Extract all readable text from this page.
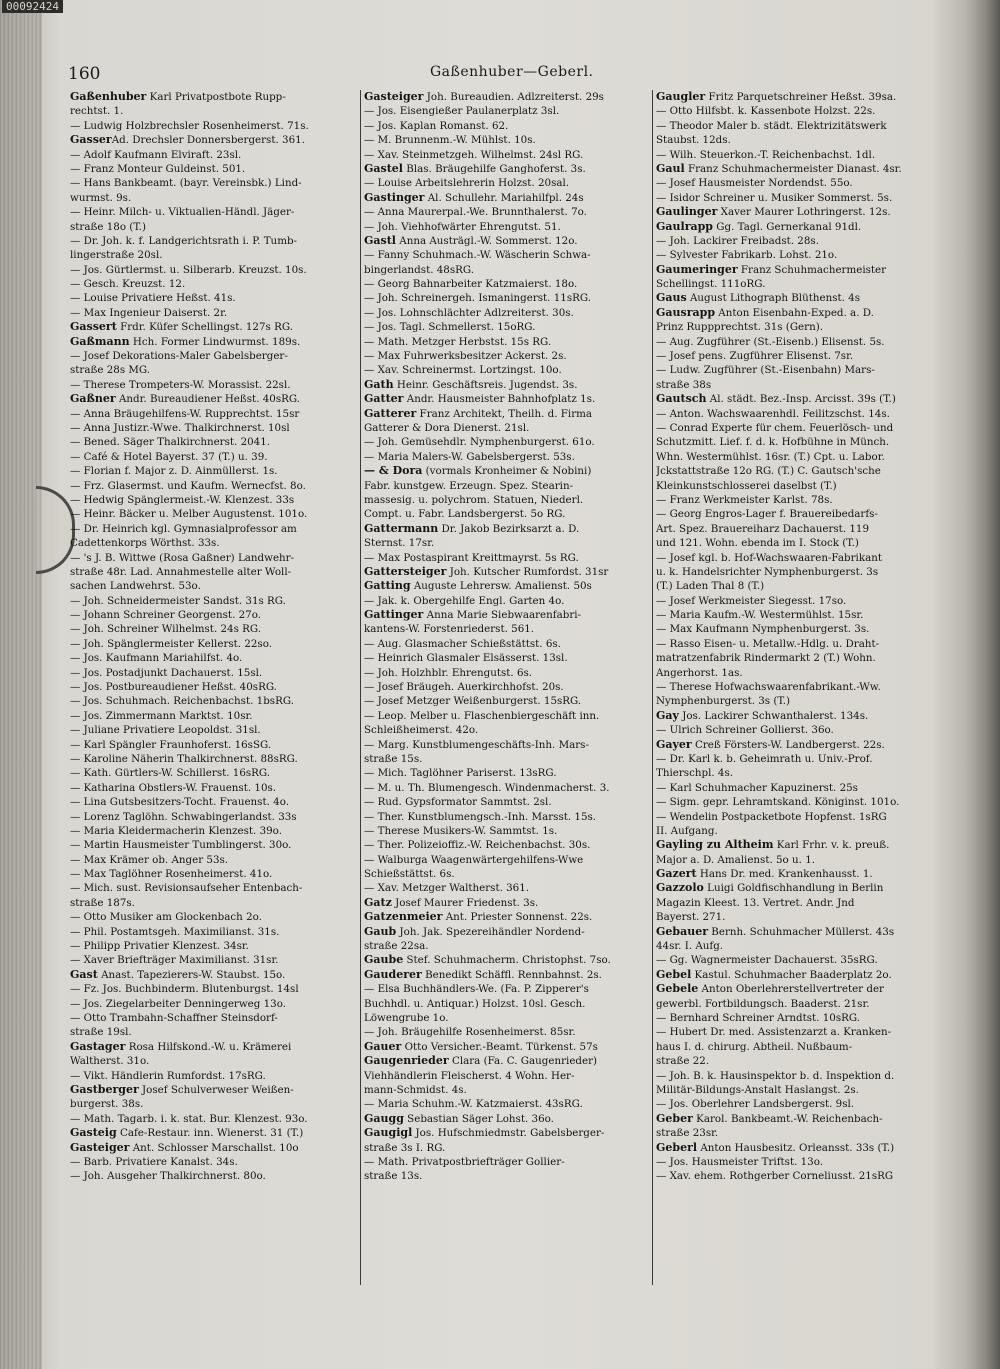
00092424
160	Gaßenhuber—Geberl.
Gaßenhuber Karl Privatpostbote Rupp-
rechtst. 1.
— Ludwig Holzbrechsler Rosenheimerst. 71s.
GasserAd. Drechsler Donnersbergerst. 361.
— Adolf Kaufmann Elviraft. 23sl.
— Franz Monteur Guldeinst. 501.
— Hans Bankbeamt. (bayr. Vereinsbk.) Lind-
wurmst. 9s.
— Heinr. Milch- u. Viktualien-Händl. Jäger-
straße 18o (T.)
— Dr. Joh. k. f. Landgerichtsrath i. P. Tumb-
lingerstraße 20sl.
— Jos. Gürtlermst. u. Silberarb. Kreuzst. 10s.
— Gesch. Kreuzst. 12.
— Louise Privatiere Heßst. 41s.
— Max Ingenieur Daiserst. 2r.
Gassert Frdr. Küfer Schellingst. 127s RG.
Gaßmann Hch. Former Lindwurmst. 189s.
— Josef Dekorations-Maler Gabelsberger-
straße 28s MG.
— Therese Trompeters-W. Morassist. 22sl.
Gaßner Andr. Bureaudiener Heßst. 40sRG.
— Anna Bräugehilfens-W. Rupprechtst. 15sr
— Anna Justizr.-Wwe. Thalkirchnerst. 10sl
— Bened. Säger Thalkirchnerst. 2041.
— Café & Hotel Bayerst. 37 (T.) u. 39.
— Florian f. Major z. D. Ainmüllerst. 1s.
— Frz. Glasermst. und Kaufm. Wernecfst. 8o.
— Hedwig Spänglermeist.-W. Klenzest. 33s
— Heinr. Bäcker u. Melber Augustenst. 101o.
— Dr. Heinrich kgl. Gymnasialprofessor am
Cadettenkorps Wörthst. 33s.
— 's J. B. Wittwe (Rosa Gaßner) Landwehr-
straße 48r. Lad. Annahmestelle alter Woll-
sachen Landwehrst. 53o.
— Joh. Schneidermeister Sandst. 31s RG.
— Johann Schreiner Georgenst. 27o.
— Joh. Schreiner Wilhelmst. 24s RG.
— Joh. Spänglermeister Kellerst. 22so.
— Jos. Kaufmann Mariahilfst. 4o.
— Jos. Postadjunkt Dachauerst. 15sl.
— Jos. Postbureaudiener Heßst. 40sRG.
— Jos. Schuhmach. Reichenbachst. 1bsRG.
— Jos. Zimmermann Marktst. 10sr.
— Juliane Privatiere Leopoldst. 31sl.
— Karl Spängler Fraunhoferst. 16sSG.
— Karoline Näherin Thalkirchnerst. 88sRG.
— Kath. Gürtlers-W. Schillerst. 16sRG.
— Katharina Obstlers-W. Frauenst. 10s.
— Lina Gutsbesitzers-Tocht. Frauenst. 4o.
— Lorenz Taglöhn. Schwabingerlandst. 33s
— Maria Kleidermacherin Klenzest. 39o.
— Martin Hausmeister Tumblingerst. 30o.
— Max Krämer ob. Anger 53s.
— Max Taglöhner Rosenheimerst. 41o.
— Mich. sust. Revisionsaufseher Entenbach-
straße 187s.
— Otto Musiker am Glockenbach 2o.
— Phil. Postamtsgeh. Maximilianst. 31s.
— Philipp Privatier Klenzest. 34sr.
— Xaver Briefträger Maximilianst. 31sr.
Gast Anast. Tapezierers-W. Staubst. 15o.
— Fz. Jos. Buchbinderm. Blutenburgst. 14sl
— Jos. Ziegelarbeiter Denningerweg 13o.
— Otto Trambahn-Schaffner Steinsdorf-
straße 19sl.
Gastager Rosa Hilfskond.-W. u. Krämerei
Waltherst. 31o.
— Vikt. Händlerin Rumfordst. 17sRG.
Gastberger Josef Schulverweser Weißen-
burgerst. 38s.
— Math. Tagarb. i. k. stat. Bur. Klenzest. 93o.
Gasteig Cafe-Restaur. inn. Wienerst. 31 (T.)
Gasteiger Ant. Schlosser Marschallst. 10o
— Barb. Privatiere Kanalst. 34s.
— Joh. Ausgeher Thalkirchnerst. 80o.
Gasteiger Joh. Bureaudien. Adlzreiterst. 29s
— Jos. Eisengießer Paulanerplatz 3sl.
— Jos. Kaplan Romanst. 62.
— M. Brunnenm.-W. Mühlst. 10s.
— Xav. Steinmetzgeh. Wilhelmst. 24sl RG.
Gastel Blas. Bräugehilfe Ganghoferst. 3s.
— Louise Arbeitslehrerin Holzst. 20sal.
Gastinger Al. Schullehr. Mariahilfpl. 24s
— Anna Maurerpal.-We. Brunnthalerst. 7o.
— Joh. Viehhofwärter Ehrengutst. 51.
Gastl Anna Austrägl.-W. Sommerst. 12o.
— Fanny Schuhmach.-W. Wäscherin Schwa-
bingerlandst. 48sRG.
— Georg Bahnarbeiter Katzmaierst. 18o.
— Joh. Schreinergeh. Ismaningerst. 11sRG.
— Jos. Lohnschlächter Adlzreiterst. 30s.
— Jos. Tagl. Schmellerst. 15oRG.
— Math. Metzger Herbstst. 15s RG.
— Max Fuhrwerksbesitzer Ackerst. 2s.
— Xav. Schreinermst. Lortzingst. 10o.
Gath Heinr. Geschäftsreis. Jugendst. 3s.
Gatter Andr. Hausmeister Bahnhofplatz 1s.
Gatterer Franz Architekt, Theilh. d. Firma
Gatterer & Dora Dienerst. 21sl.
— Joh. Gemüsehdlr. Nymphenburgerst. 61o.
— Maria Malers-W. Gabelsbergerst. 53s.
— & Dora (vormals Kronheimer & Nobini)
Fabr. kunstgew. Erzeugn. Spez. Stearin-
massesig. u. polychrom. Statuen, Niederl.
Compt. u. Fabr. Landsbergerst. 5o RG.
Gattermann Dr. Jakob Bezirksarzt a. D.
Sternst. 17sr.
— Max Postaspirant Kreittmayrst. 5s RG.
Gattersteiger Joh. Kutscher Rumfordst. 31sr
Gatting Auguste Lehrersw. Amalienst. 50s
— Jak. k. Obergehilfe Engl. Garten 4o.
Gattinger Anna Marie Siebwaarenfabri-
kantens-W. Forstenriederst. 561.
— Aug. Glasmacher Schießstättst. 6s.
— Heinrich Glasmaler Elsässerst. 13sl.
— Joh. Holzhblr. Ehrengutst. 6s.
— Josef Bräugeh. Auerkirchhofst. 20s.
— Josef Metzger Weißenburgerst. 15sRG.
— Leop. Melber u. Flaschenbiergeschäft inn.
Schleißheimerst. 42o.
— Marg. Kunstblumengeschäfts-Inh. Mars-
straße 15s.
— Mich. Taglöhner Pariserst. 13sRG.
— M. u. Th. Blumengesch. Windenmacherst. 3.
— Rud. Gypsformator Sammtst. 2sl.
— Ther. Kunstblumengsch.-Inh. Marsst. 15s.
— Therese Musikers-W. Sammtst. 1s.
— Ther. Polizeioffiz.-W. Reichenbachst. 30s.
— Walburga Waagenwärtergehilfens-Wwe
Schießstättst. 6s.
— Xav. Metzger Waltherst. 361.
Gatz Josef Maurer Friedenst. 3s.
Gatzenmeier Ant. Priester Sonnenst. 22s.
Gaub Joh. Jak. Spezereihändler Nordend-
straße 22sa.
Gaube Stef. Schuhmacherm. Christophst. 7so.
Gauderer Benedikt Schäffl. Rennbahnst. 2s.
— Elsa Buchhändlers-We. (Fa. P. Zipperer's
Buchhdl. u. Antiquar.) Holzst. 10sl. Gesch.
Löwengrube 1o.
— Joh. Bräugehilfe Rosenheimerst. 85sr.
Gauer Otto Versicher.-Beamt. Türkenst. 57s
Gaugenrieder Clara (Fa. C. Gaugenrieder)
Viehhändlerin Fleischerst. 4 Wohn. Her-
mann-Schmidst. 4s.
— Maria Schuhm.-W. Katzmaierst. 43sRG.
Gaugg Sebastian Säger Lohst. 36o.
Gaugigl Jos. Hufschmiedmstr. Gabelsberger-
straße 3s I. RG.
— Math. Privatpostbriefträger Gollier-
straße 13s.
Gaugler Fritz Parquetschreiner Heßst. 39sa.
— Otto Hilfsbt. k. Kassenbote Holzst. 22s.
— Theodor Maler b. städt. Elektrizitätswerk
Staubst. 12ds.
— Wilh. Steuerkon.-T. Reichenbachst. 1dl.
Gaul Franz Schuhmachermeister Dianast. 4sr.
— Josef Hausmeister Nordendst. 55o.
— Isidor Schreiner u. Musiker Sommerst. 5s.
Gaulinger Xaver Maurer Lothringerst. 12s.
Gaulrapp Gg. Tagl. Gernerkanal 91dl.
— Joh. Lackirer Freibadst. 28s.
— Sylvester Fabrikarb. Lohst. 21o.
Gaumeringer Franz Schuhmachermeister
Schellingst. 111oRG.
Gaus August Lithograph Blüthenst. 4s
Gausrapp Anton Eisenbahn-Exped. a. D.
Prinz Ruppprechtst. 31s (Gern).
— Aug. Zugführer (St.-Eisenb.) Elisenst. 5s.
— Josef pens. Zugführer Elisenst. 7sr.
— Ludw. Zugführer (St.-Eisenbahn) Mars-
straße 38s
Gautsch Al. städt. Bez.-Insp. Arcisst. 39s (T.)
— Anton. Wachswaarenhdl. Feilitzschst. 14s.
— Conrad Experte für chem. Feuerlösch- und
Schutzmitt. Lief. f. d. k. Hofbühne in Münch.
Whn. Westermühlst. 16sr. (T.) Cpt. u. Labor.
Jckstattstraße 12o RG. (T.) C. Gautsch'sche
Kleinkunstschlosserei daselbst (T.)
— Franz Werkmeister Karlst. 78s.
— Georg Engros-Lager f. Brauereibedarfs-
Art. Spez. Brauereiharz Dachauerst. 119
und 121. Wohn. ebenda im I. Stock (T.)
— Josef kgl. b. Hof-Wachswaaren-Fabrikant
u. k. Handelsrichter Nymphenburgerst. 3s
(T.) Laden Thal 8 (T.)
— Josef Werkmeister Siegesst. 17so.
— Maria Kaufm.-W. Westermühlst. 15sr.
— Max Kaufmann Nymphenburgerst. 3s.
— Rasso Eisen- u. Metallw.-Hdlg. u. Draht-
matratzenfabrik Rindermarkt 2 (T.) Wohn.
Angerhorst. 1as.
— Therese Hofwachswaarenfabrikant.-Ww.
Nymphenburgerst. 3s (T.)
Gay Jos. Lackirer Schwanthalerst. 134s.
— Ulrich Schreiner Gollierst. 36o.
Gayer Creß Försters-W. Landbergerst. 22s.
— Dr. Karl k. b. Geheimrath u. Univ.-Prof.
Thierschpl. 4s.
— Karl Schuhmacher Kapuzinerst. 25s
— Sigm. gepr. Lehramtskand. Königinst. 101o.
— Wendelin Postpacketbote Hopfenst. 1sRG
II. Aufgang.
Gayling zu Altheim Karl Frhr. v. k. preuß.
Major a. D. Amalienst. 5o u. 1.
Gazert Hans Dr. med. Krankenhausst. 1.
Gazzolo Luigi Goldfischhandlung in Berlin
Magazin Kleest. 13. Vertret. Andr. Jnd
Bayerst. 271.
Gebauer Bernh. Schuhmacher Müllerst. 43s
44sr. I. Aufg.
— Gg. Wagnermeister Dachauerst. 35sRG.
Gebel Kastul. Schuhmacher Baaderplatz 2o.
Gebele Anton Oberlehrerstellvertreter der
gewerbl. Fortbildungsch. Baaderst. 21sr.
— Bernhard Schreiner Arndtst. 10sRG.
— Hubert Dr. med. Assistenzarzt a. Kranken-
haus I. d. chirurg. Abtheil. Nußbaum-
straße 22.
— Joh. B. k. Hausinspektor b. d. Inspektion d.
Militär-Bildungs-Anstalt Haslangst. 2s.
— Jos. Oberlehrer Landsbergerst. 9sl.
Geber Karol. Bankbeamt.-W. Reichenbach-
straße 23sr.
Geberl Anton Hausbesitz. Orleansst. 33s (T.)
— Jos. Hausmeister Triftst. 13o.
— Xav. ehem. Rothgerber Corneliusst. 21sRG
